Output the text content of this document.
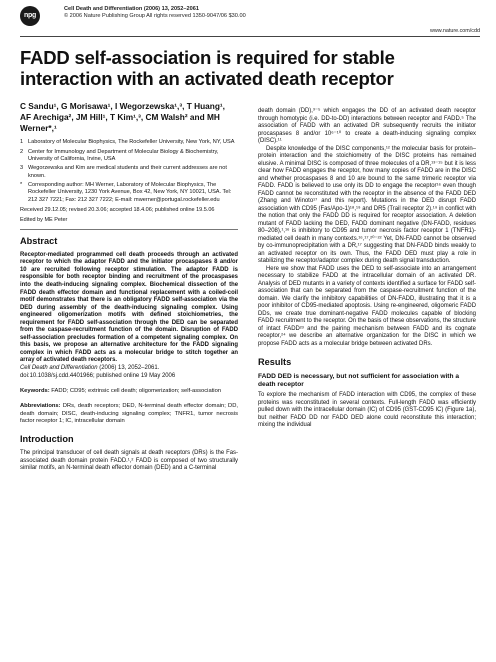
npg
Cell Death and Differentiation (2006) 13, 2052–2061
© 2006 Nature Publishing Group All rights reserved 1350-9047/06 $30.00
www.nature.com/cdd
FADD self-association is required for stable interaction with an activated death receptor
C Sandu¹, G Morisawa¹, I Wegorzewska¹,³, T Huang¹, AF Arechiga², JM Hill¹, T Kim¹,³, CM Walsh² and MH Werner*,¹
1 Laboratory of Molecular Biophysics, The Rockefeller University, New York, NY, USA
2 Center for Immunology and Department of Molecular Biology & Biochemistry, University of California, Irvine, USA
3 Wegorzewska and Kim are medical students and their current addresses are not known.
* Corresponding author: MH Werner, Laboratory of Molecular Biophysics, The Rockefeller University, 1230 York Avenue, Box 42, New York, NY 10021, USA. Tel: 212 327 7221; Fax: 212 327 7222; E-mail: mwerner@portugal.rockefeller.edu
Received 29.12.05; revised 20.3.06; accepted 18.4.06; published online 19.5.06
Edited by ME Peter
Abstract

Receptor-mediated programmed cell death proceeds through an activated receptor to which the adaptor FADD and the initiator procaspases 8 and/or 10 are recruited following receptor stimulation. The adaptor FADD is responsible for both receptor binding and recruitment of the procaspases into the death-inducing signaling complex. Biochemical dissection of the FADD death effector domain and functional replacement with a coiled-coil motif demonstrates that there is an obligatory FADD self-association via the DED during assembly of the death-inducing signaling complex. Using engineered oligomerization motifs with defined stoichiometries, the requirement for FADD self-association through the DED can be separated from the caspase-recruitment function of the domain. Disruption of FADD self-association precludes formation of a competent signaling complex. On this basis, we propose an alternative architecture for the FADD signaling complex in which FADD acts as a molecular bridge to stitch together an array of activated death receptors.

Cell Death and Differentiation (2006) 13, 2052–2061.

doi:10.1038/sj.cdd.4401966; published online 19 May 2006

Keywords: FADD; CD95; extrinsic cell death; oligomerization; self-association

Abbreviations: DRs, death receptors; DED, N-terminal death effector domain; DD, death domain; DISC, death-inducing signaling complex; TNFR1, tumor necrosis factor receptor 1; IC, intracellular domain

Introduction

The principal transducer of cell death signals at death receptors (DRs) is the Fas-associated death domain protein FADD.¹,² FADD is composed of two structurally similar motifs, an N-terminal death effector domain (DED) and a C-terminal

death domain (DD),³⁻⁵ which engages the DD of an activated death receptor through homotypic (i.e. DD-to-DD) interactions between receptor and FADD.⁵ The association of FADD with an activated DR subsequently recruits the initiator procaspases 8 and/or 10⁶⁻¹⁰ to create a death-inducing signaling complex (DISC).¹¹

Despite knowledge of the DISC components,¹² the molecular basis for protein–protein interaction and the stoichiometry of the DISC proteins has remained elusive. A minimal DISC is composed of three molecules of a DR,¹³⁻¹⁵ but it is less clear how FADD engages the receptor, how many copies of FADD are in the DISC and whether procaspases 8 and 10 are bound to the same trimeric receptor via FADD. FADD is believed to use only its DD to engage the receptor¹⁶ even though FADD cannot be reconstituted with the receptor in the absence of the FADD DED (Zhang and Winoto¹⁷ and this report). Mutations in the DED disrupt FADD association with CD95 (Fas/Apo-1)¹⁸,¹⁹ and DR5 (Trail receptor 2).¹⁹ in conflict with the notion that only the FADD DD is required for receptor association. A deletion mutant of FADD lacking the DED, FADD dominant negative (DN-FADD, residues 80–208),¹,¹⁶ is inhibitory to CD95 and tumor necrosis factor receptor 1 (TNFR1)-mediated cell death in many contexts.¹⁶,¹⁷,²⁰⁻²² Yet, DN-FADD cannot be observed by co-immunoprecipitation with a DR,¹⁷ suggesting that DN-FADD binds weakly to an activated receptor on its own. Thus, the FADD DED must play a role in stabilizing the receptor/adaptor complex during death signal transduction.

Here we show that FADD uses the DED to self-associate into an arrangement necessary to stabilize FADD at the intracellular domain of an activated DR. Analysis of DED mutants in a variety of contexts identified a surface for FADD self-association that can be separated from the caspase-recruitment function of the domain. We clarify the inhibitory capabilities of DN-FADD, illustrating that it is a poor inhibitor of CD95-mediated apoptosis. Using re-engineered, oligomeric FADD DDs, we create true dominant-negative FADD molecules capable of blocking FADD recruitment to the receptor. On the basis of these observations, the structure of intact FADD²³ and the pairing mechanism between FADD and its cognate receptor,²⁴ we describe an alternative organization for the DISC in which we propose FADD acts as a molecular bridge between activated DRs.

Results
FADD DED is necessary, but not sufficient for association with a death receptor

To explore the mechanism of FADD interaction with CD95, the complex of these proteins was reconstituted in several contexts. Full-length FADD was efficiently pulled down with the intracellular domain (IC) of CD95 (GST-CD95 IC) (Figure 1a), but neither FADD DD nor FADD DED alone could reconstitute this interaction; mixing the individual
